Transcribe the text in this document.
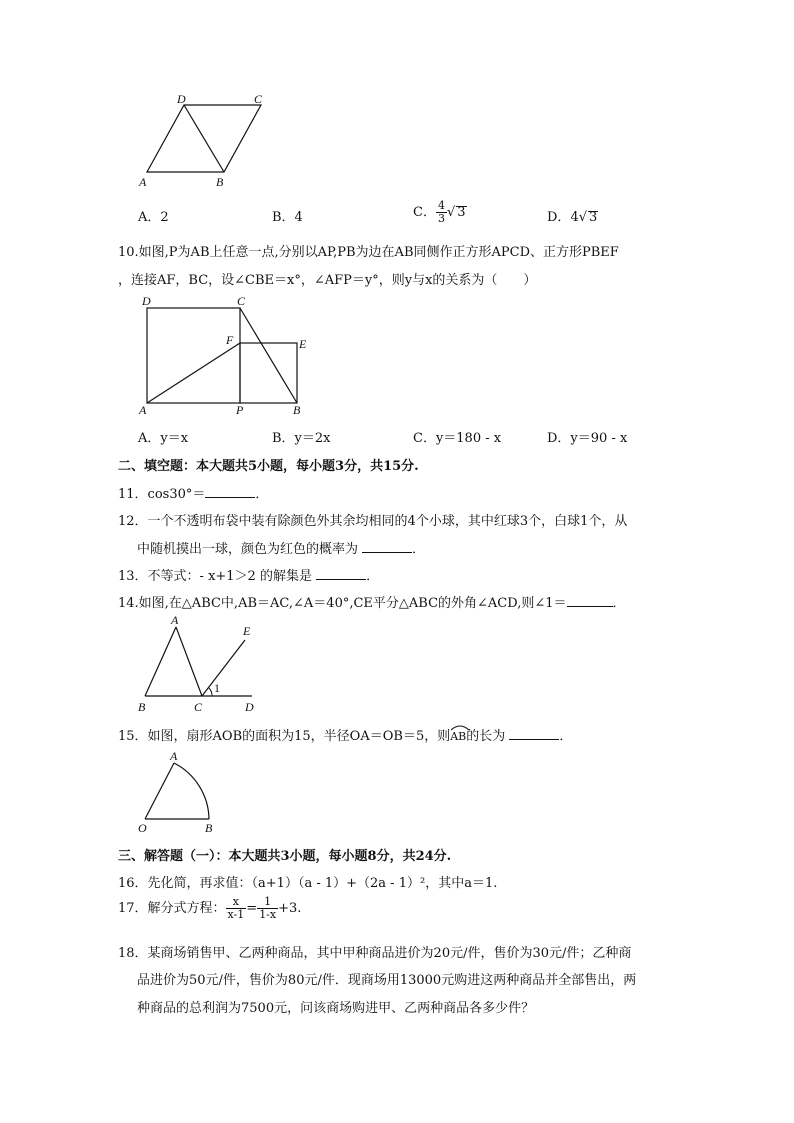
D	C
A	B
A．2	B．4	C． $\frac{4}{3}$ √ 3	D．4√ 3
10.如图,P为AB上任意一点,分别以AP,PB为边在AB同侧作正方形APCD、正方形PBEF
，连接AF，BC，设∠CBE＝x°，∠AFP＝y°，则y与x的关系为（　　）
D	C
F	E
A	P	B
A．y＝x	B．y＝2x	C．y＝180 - x	D．y＝90 - x
二、填空题：本大题共5小题，每小题3分，共15分.
11．cos30°＝	．
12．一个不透明布袋中装有除颜色外其余均相同的4个小球，其中红球3个，白球1个，从
中随机摸出一球，颜色为红色的概率为	．
13．不等式：- x+1＞2 的解集是	．
14.如图,在△ABC中,AB＝AC,∠A＝40°,CE平分△ABC的外角∠ACD,则∠1＝	．
A
E
B	C	D
1
15．如图，扇形AOB的面积为15，半径OA＝OB＝5，则
AB的长为	．
A
O	B
三、解答题（一）：本大题共3小题，每小题8分，共24分.
16．先化简，再求值：（a+1）（a - 1）+（2a - 1）²，其中a＝1.
17．解分式方程： $\frac{x}{x-1} = \frac{1}{1-x} +3$.
18．某商场销售甲、乙两种商品，其中甲种商品进价为20元/件，售价为30元/件；乙种商
品进价为50元/件，售价为80元/件．现商场用13000元购进这两种商品并全部售出，两
种商品的总利润为7500元，问该商场购进甲、乙两种商品各多少件？
